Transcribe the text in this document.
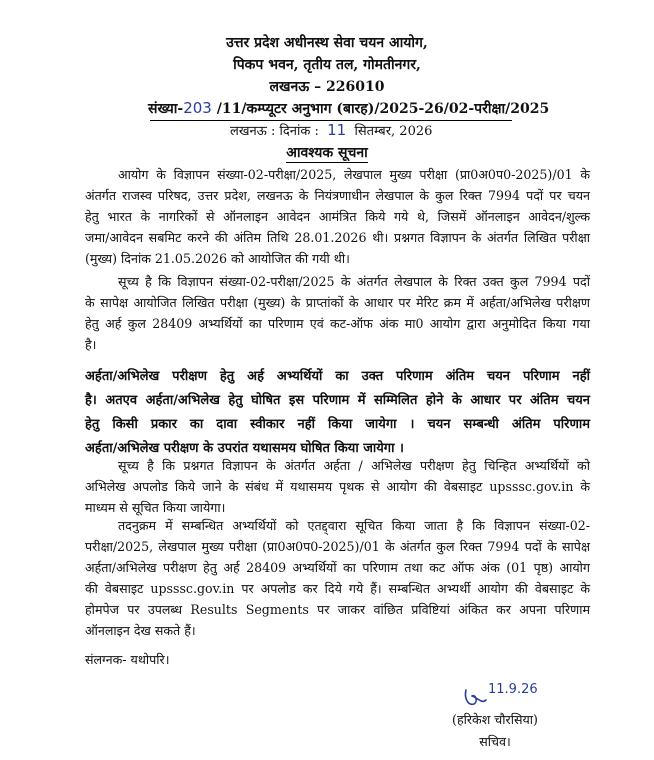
उत्तर प्रदेश अधीनस्थ सेवा चयन आयोग,
पिकप भवन, तृतीय तल, गोमतीनगर,
लखनऊ – 226010
संख्या-203 /11/कम्प्यूटर अनुभाग (बारह)/2025-26/02-परीक्षा/2025
लखनऊ : दिनांक : 11 सितम्बर, 2026
आवश्यक सूचना
आयोग के विज्ञापन संख्या-02-परीक्षा/2025, लेखपाल मुख्य परीक्षा (प्रा0अ0प0-2025)/01 के
अंतर्गत राजस्व परिषद, उत्तर प्रदेश, लखनऊ के नियंत्रणाधीन लेखपाल के कुल रिक्त 7994 पदों पर चयन
हेतु भारत के नागरिकों से ऑनलाइन आवेदन आमंत्रित किये गये थे, जिसमें ऑनलाइन आवेदन/शुल्क
जमा/आवेदन सबमिट करने की अंतिम तिथि 28.01.2026 थी। प्रश्नगत विज्ञापन के अंतर्गत लिखित परीक्षा
(मुख्य) दिनांक 21.05.2026 को आयोजित की गयी थी।
सूच्य है कि विज्ञापन संख्या-02-परीक्षा/2025 के अंतर्गत लेखपाल के रिक्त उक्त कुल 7994 पदों
के सापेक्ष आयोजित लिखित परीक्षा (मुख्य) के प्राप्तांकों के आधार पर मेरिट क्रम में अर्हता/अभिलेख परीक्षण
हेतु अर्ह कुल 28409 अभ्यर्थियों का परिणाम एवं कट-ऑफ अंक मा0 आयोग द्वारा अनुमोदित किया गया
है।
अर्हता/अभिलेख परीक्षण हेतु अर्ह अभ्यर्थियों का उक्त परिणाम अंतिम चयन परिणाम नहीं
है। अतएव अर्हता/अभिलेख हेतु घोषित इस परिणाम में सम्मिलित होने के आधार पर अंतिम चयन
हेतु किसी प्रकार का दावा स्वीकार नहीं किया जायेगा । चयन सम्बन्धी अंतिम परिणाम
अर्हता/अभिलेख परीक्षण के उपरांत यथासमय घोषित किया जायेगा ।
सूच्य है कि प्रश्नगत विज्ञापन के अंतर्गत अर्हता / अभिलेख परीक्षण हेतु चिन्हित अभ्यर्थियों को
अभिलेख अपलोड किये जाने के संबंध में यथासमय पृथक से आयोग की वेबसाइट upsssc.gov.in के
माध्यम से सूचित किया जायेगा।
तदनुक्रम में सम्बन्धित अभ्यर्थियों को एतद्द्वारा सूचित किया जाता है कि विज्ञापन संख्या-02-
परीक्षा/2025, लेखपाल मुख्य परीक्षा (प्रा0अ0प0-2025)/01 के अंतर्गत कुल रिक्त 7994 पदों के सापेक्ष
अर्हता/अभिलेख परीक्षण हेतु अर्ह 28409 अभ्यर्थियों का परिणाम तथा कट ऑफ अंक (01 पृष्ठ) आयोग
की वेबसाइट upsssc.gov.in पर अपलोड कर दिये गये हैं। सम्बन्धित अभ्यर्थी आयोग की वेबसाइट के
होमपेज पर उपलब्ध Results Segments पर जाकर वांछित प्रविष्टियां अंकित कर अपना परिणाम
ऑनलाइन देख सकते हैं।
संलग्नक- यथोपरि।
11.9.26
(हरिकेश चौरसिया)
सचिव।
